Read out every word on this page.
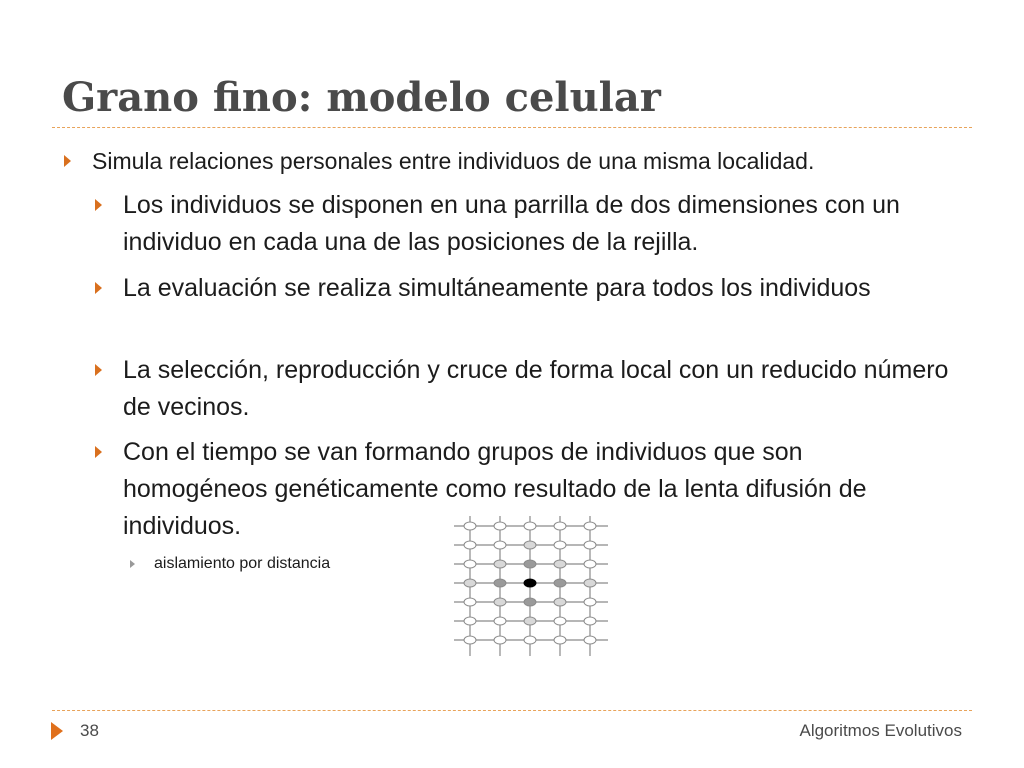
Grano fino: modelo celular

Simula relaciones personales entre individuos de una misma localidad.

Los individuos se disponen en una parrilla de dos dimensiones con un individuo en cada una de las posiciones de la rejilla.

La evaluación se realiza simultáneamente para todos los individuos

La selección, reproducción y cruce de forma local con un reducido número de vecinos.

Con el tiempo se van formando grupos de individuos que son homogéneos genéticamente como resultado de la lenta difusión de individuos.

aislamiento por distancia

38	Algoritmos Evolutivos
